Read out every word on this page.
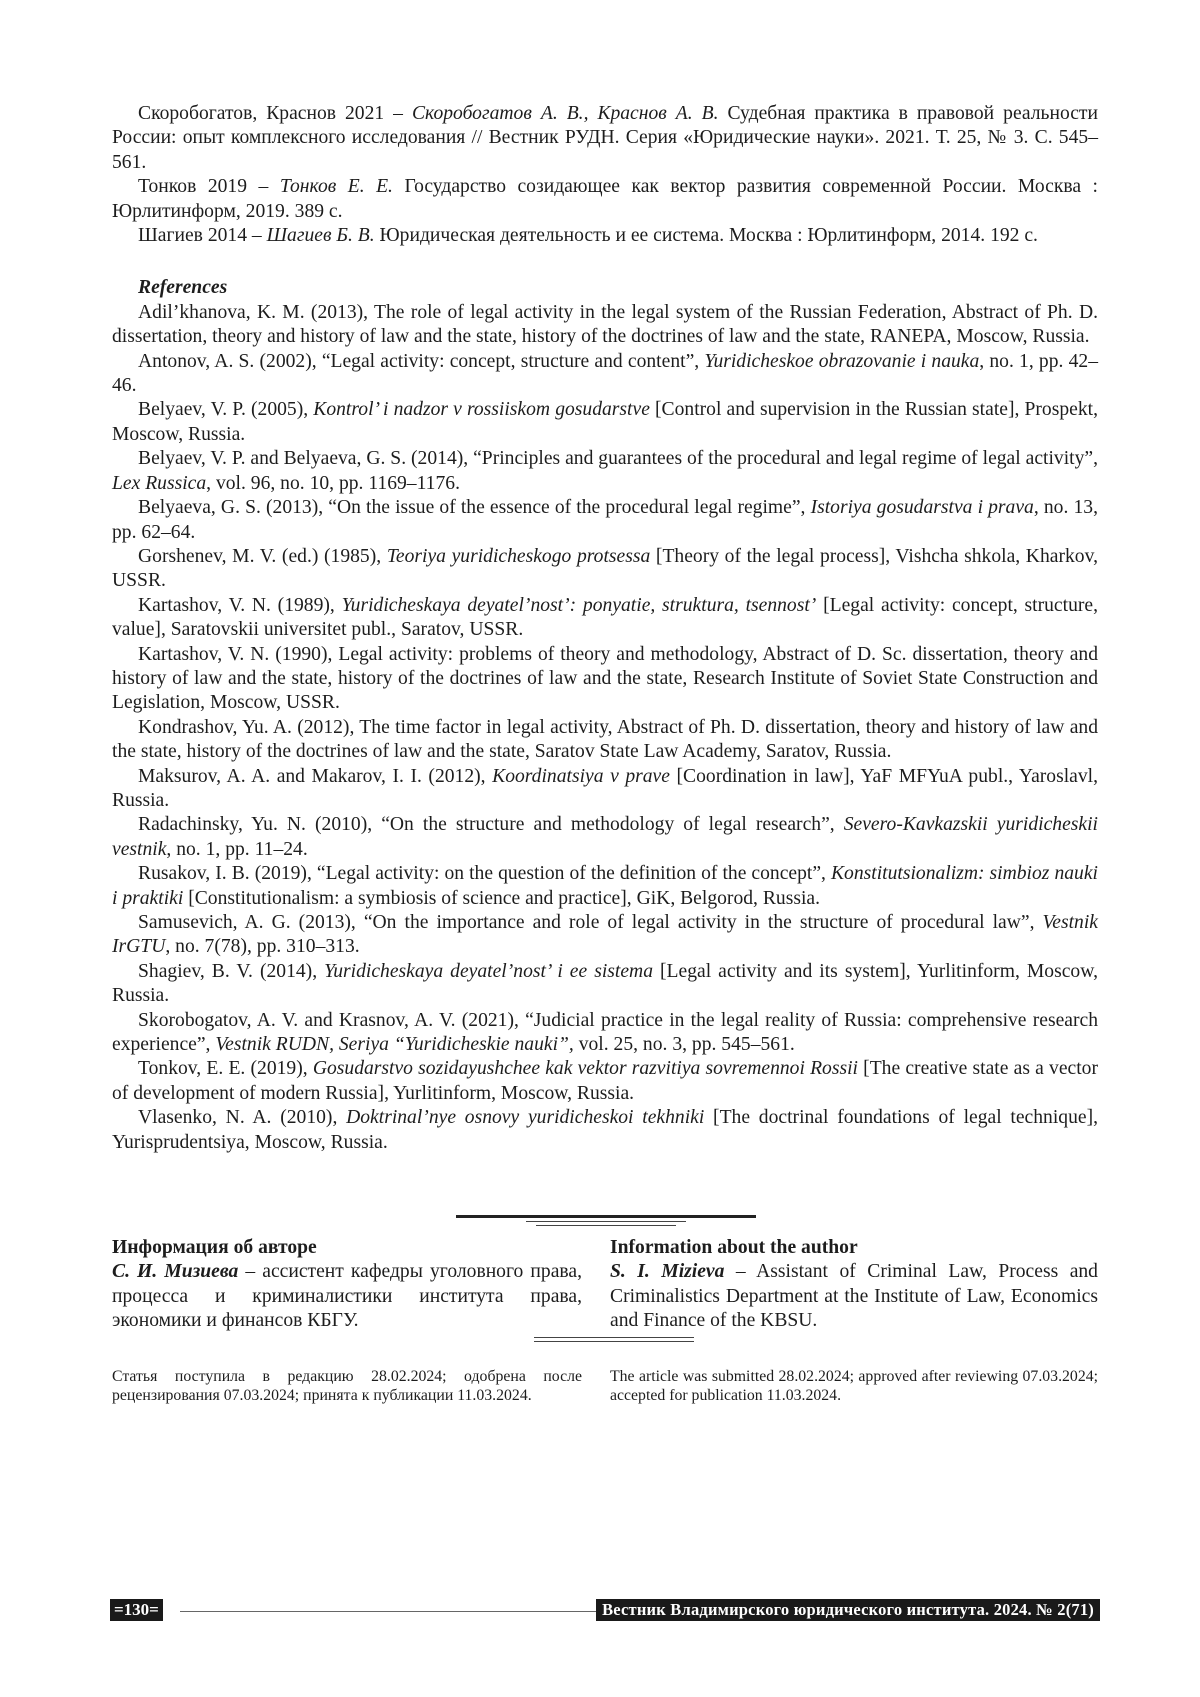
Скоробогатов, Краснов 2021 – Скоробогатов А. В., Краснов А. В. Судебная практика в правовой реальности России: опыт комплексного исследования // Вестник РУДН. Серия «Юридические науки». 2021. Т. 25, № 3. С. 545–561.

Тонков 2019 – Тонков Е. Е. Государство созидающее как вектор развития современной России. Москва : Юрлитинформ, 2019. 389 с.

Шагиев 2014 – Шагиев Б. В. Юридическая деятельность и ее система. Москва : Юрлитинформ, 2014. 192 с.

References

Adil’khanova, K. M. (2013), The role of legal activity in the legal system of the Russian Federation, Abstract of Ph. D. dissertation, theory and history of law and the state, history of the doctrines of law and the state, RANEPA, Moscow, Russia.

Antonov, A. S. (2002), “Legal activity: concept, structure and content”, Yuridicheskoe obrazovanie i nauka, no. 1, pp. 42–46.

Belyaev, V. P. (2005), Kontrol’ i nadzor v rossiiskom gosudarstve [Control and supervision in the Russian state], Prospekt, Moscow, Russia.

Belyaev, V. P. and Belyaeva, G. S. (2014), “Principles and guarantees of the procedural and legal regime of legal activity”, Lex Russica, vol. 96, no. 10, pp. 1169–1176.

Belyaeva, G. S. (2013), “On the issue of the essence of the procedural legal regime”, Istoriya gosudarstva i prava, no. 13, pp. 62–64.

Gorshenev, M. V. (ed.) (1985), Teoriya yuridicheskogo protsessa [Theory of the legal process], Vishcha shkola, Kharkov, USSR.

Kartashov, V. N. (1989), Yuridicheskaya deyatel’nost’: ponyatie, struktura, tsennost’ [Legal activity: concept, structure, value], Saratovskii universitet publ., Saratov, USSR.

Kartashov, V. N. (1990), Legal activity: problems of theory and methodology, Abstract of D. Sc. dissertation, theory and history of law and the state, history of the doctrines of law and the state, Research Institute of Soviet State Construction and Legislation, Moscow, USSR.

Kondrashov, Yu. A. (2012), The time factor in legal activity, Abstract of Ph. D. dissertation, theory and history of law and the state, history of the doctrines of law and the state, Saratov State Law Academy, Saratov, Russia.

Maksurov, A. A. and Makarov, I. I. (2012), Koordinatsiya v prave [Coordination in law], YaF MFYuA publ., Yaroslavl, Russia.

Radachinsky, Yu. N. (2010), “On the structure and methodology of legal research”, Severo-Kavkazskii yuridicheskii vestnik, no. 1, pp. 11–24.

Rusakov, I. B. (2019), “Legal activity: on the question of the definition of the concept”, Konstitutsionalizm: simbioz nauki i praktiki [Constitutionalism: a symbiosis of science and practice], GiK, Belgorod, Russia.

Samusevich, A. G. (2013), “On the importance and role of legal activity in the structure of procedural law”, Vestnik IrGTU, no. 7(78), pp. 310–313.

Shagiev, B. V. (2014), Yuridicheskaya deyatel’nost’ i ee sistema [Legal activity and its system], Yurlitinform, Moscow, Russia.

Skorobogatov, A. V. and Krasnov, A. V. (2021), “Judicial practice in the legal reality of Russia: comprehensive research experience”, Vestnik RUDN, Seriya “Yuridicheskie nauki”, vol. 25, no. 3, pp. 545–561.

Tonkov, E. E. (2019), Gosudarstvo sozidayushchee kak vektor razvitiya sovremennoi Rossii [The creative state as a vector of development of modern Russia], Yurlitinform, Moscow, Russia.

Vlasenko, N. A. (2010), Doktrinal’nye osnovy yuridicheskoi tekhniki [The doctrinal foundations of legal technique], Yurisprudentsiya, Moscow, Russia.

Информация об авторе

С. И. Мизиева – ассистент кафедры уголовного права, процесса и криминалистики института права, экономики и финансов КБГУ.

Information about the author

S. I. Mizieva – Assistant of Criminal Law, Process and Criminalistics Department at the Institute of Law, Economics and Finance of the KBSU.

Статья поступила в редакцию 28.02.2024; одобрена после рецензирования 07.03.2024; принята к публикации 11.03.2024.

The article was submitted 28.02.2024; approved after reviewing 07.03.2024; accepted for publication 11.03.2024.

=130=	Вестник Владимирского юридического института. 2024. № 2(71)
